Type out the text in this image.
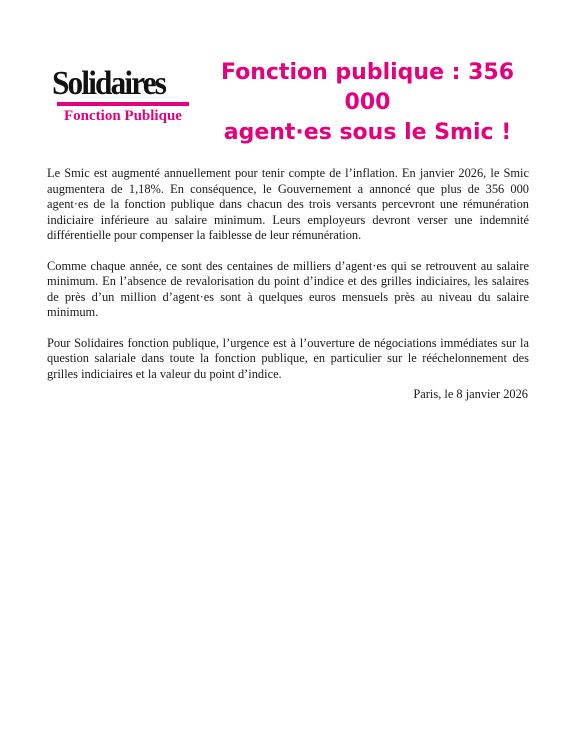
Solidaires
Fonction Publique
Fonction publique : 356 000
agent·es sous le Smic !

Le Smic est augmenté annuellement pour tenir compte de l’inflation. En janvier 2026, le Smic augmentera de 1,18%. En conséquence, le Gouvernement a annoncé que plus de 356 000 agent·es de la fonction publique dans chacun des trois versants percevront une rémunération indiciaire inférieure au salaire minimum. Leurs employeurs devront verser une indemnité différentielle pour compenser la faiblesse de leur rémunération.

Comme chaque année, ce sont des centaines de milliers d’agent·es qui se retrouvent au salaire minimum. En l’absence de revalorisation du point d’indice et des grilles indiciaires, les salaires de près d’un million d’agent·es sont à quelques euros mensuels près au niveau du salaire minimum.

Pour Solidaires fonction publique, l’urgence est à l’ouverture de négociations immédiates sur la question salariale dans toute la fonction publique, en particulier sur le rééchelonnement des grilles indiciaires et la valeur du point d’indice.

Paris, le 8 janvier 2026
